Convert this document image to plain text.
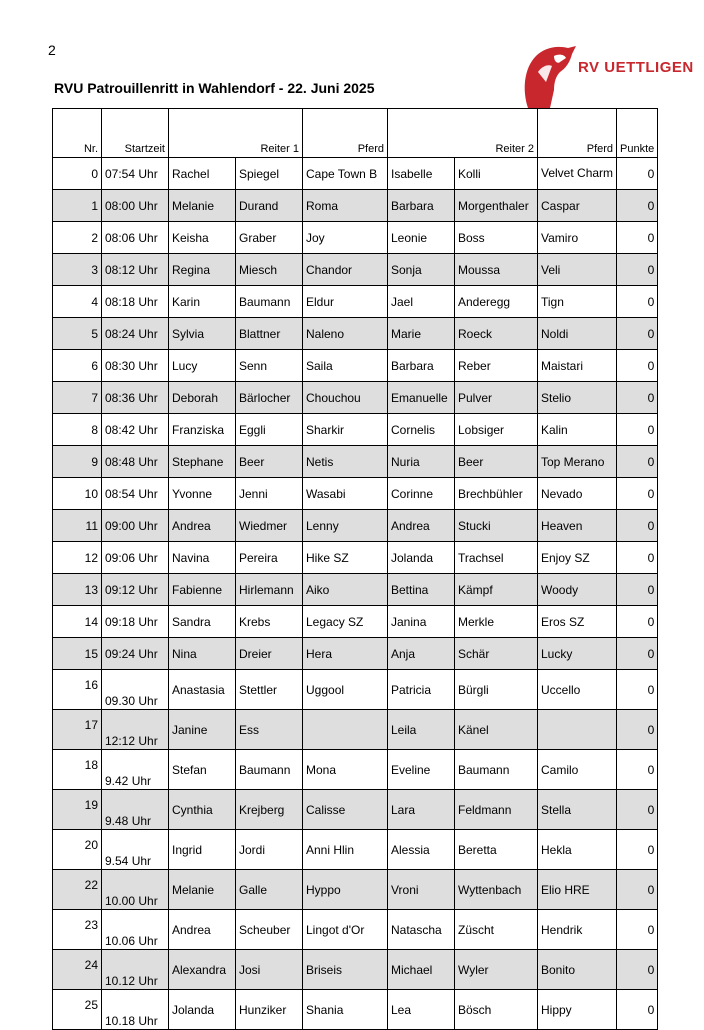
2
RVU Patrouillenritt in Wahlendorf - 22. Juni 2025
RV UETTLIGEN
Nr.	Startzeit		Reiter 1	Pferd		Reiter 2	Pferd	Punkte
0	07:54 Uhr	Rachel	Spiegel	Cape Town B	Isabelle	Kolli	Velvet Charm	0
1	08:00 Uhr	Melanie	Durand	Roma	Barbara	Morgenthaler	Caspar	0
2	08:06 Uhr	Keisha	Graber	Joy	Leonie	Boss	Vamiro	0
3	08:12 Uhr	Regina	Miesch	Chandor	Sonja	Moussa	Veli	0
4	08:18 Uhr	Karin	Baumann	Eldur	Jael	Anderegg	Tign	0
5	08:24 Uhr	Sylvia	Blattner	Naleno	Marie	Roeck	Noldi	0
6	08:30 Uhr	Lucy	Senn	Saila	Barbara	Reber	Maistari	0
7	08:36 Uhr	Deborah	Bärlocher	Chouchou	Emanuelle	Pulver	Stelio	0
8	08:42 Uhr	Franziska	Eggli	Sharkir	Cornelis	Lobsiger	Kalin	0
9	08:48 Uhr	Stephane	Beer	Netis	Nuria	Beer	Top Merano	0
10	08:54 Uhr	Yvonne	Jenni	Wasabi	Corinne	Brechbühler	Nevado	0
11	09:00 Uhr	Andrea	Wiedmer	Lenny	Andrea	Stucki	Heaven	0
12	09:06 Uhr	Navina	Pereira	Hike SZ	Jolanda	Trachsel	Enjoy SZ	0
13	09:12 Uhr	Fabienne	Hirlemann	Aiko	Bettina	Kämpf	Woody	0
14	09:18 Uhr	Sandra	Krebs	Legacy SZ	Janina	Merkle	Eros SZ	0
15	09:24 Uhr	Nina	Dreier	Hera	Anja	Schär	Lucky	0
16	09.30 Uhr	Anastasia	Stettler	Uggool	Patricia	Bürgli	Uccello	0
17	12:12 Uhr	Janine	Ess		Leila	Känel		0
18	9.42 Uhr	Stefan	Baumann	Mona	Eveline	Baumann	Camilo	0
19	9.48 Uhr	Cynthia	Krejberg	Calisse	Lara	Feldmann	Stella	0
20	9.54 Uhr	Ingrid	Jordi	Anni Hlin	Alessia	Beretta	Hekla	0
22	10.00 Uhr	Melanie	Galle	Hyppo	Vroni	Wyttenbach	Elio HRE	0
23	10.06 Uhr	Andrea	Scheuber	Lingot d'Or	Natascha	Züscht	Hendrik	0
24	10.12 Uhr	Alexandra	Josi	Briseis	Michael	Wyler	Bonito	0
25	10.18 Uhr	Jolanda	Hunziker	Shania	Lea	Bösch	Hippy	0
